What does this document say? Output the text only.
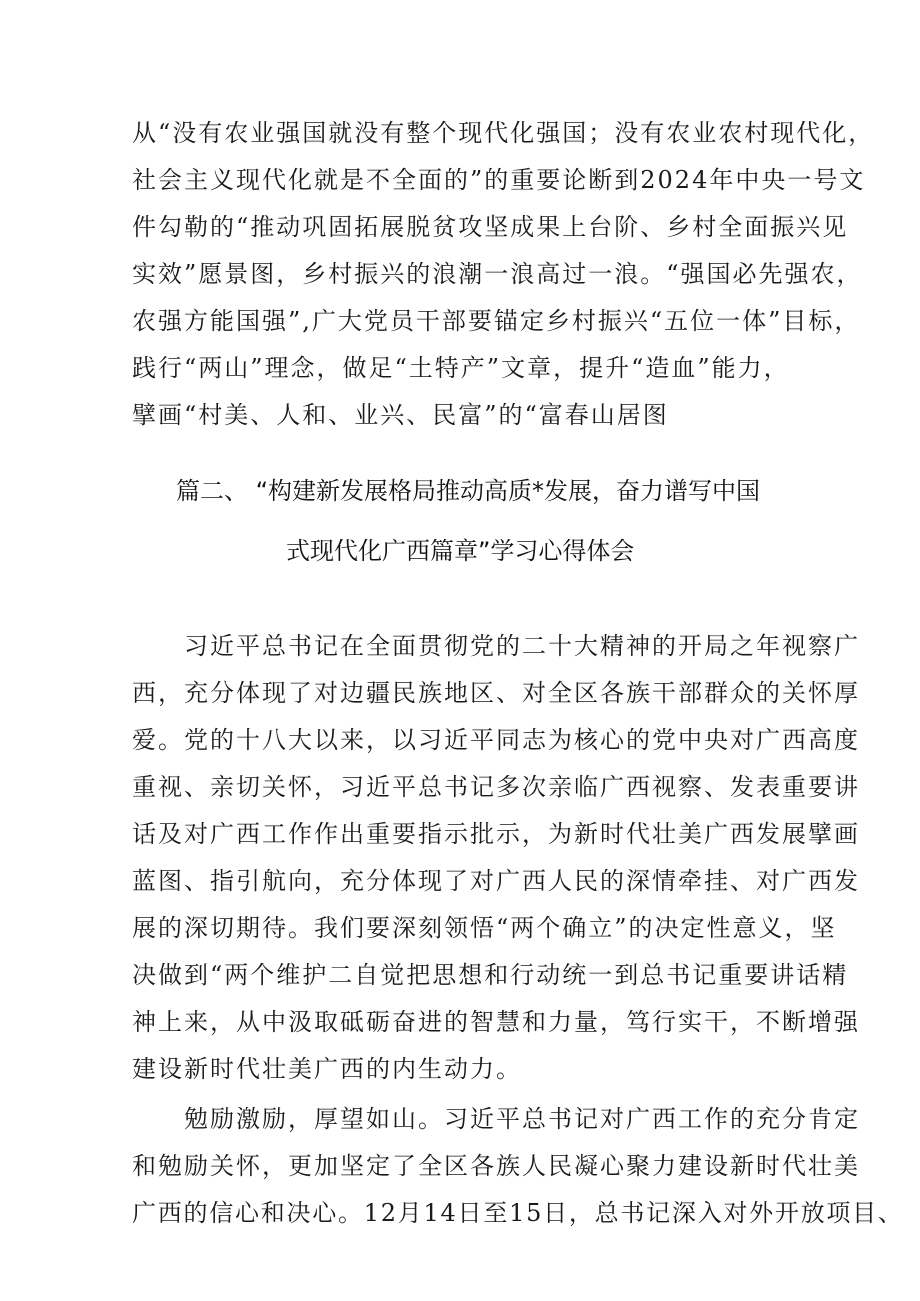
从“没有农业强国就没有整个现代化强国；没有农业农村现代化，
社会主义现代化就是不全面的”的重要论断到2024年中央一号文
件勾勒的“推动巩固拓展脱贫攻坚成果上台阶、乡村全面振兴见
实效”愿景图，乡村振兴的浪潮一浪高过一浪。“强国必先强农，
农强方能国强”,广大党员干部要锚定乡村振兴“五位一体”目标，
践行“两山”理念，做足“土特产”文章，提升“造血”能力，
擘画“村美、人和、业兴、民富”的“富春山居图
篇二、 “构建新发展格局推动高质*发展，奋力谱写中国
式现代化广西篇章”学习心得体会
习近平总书记在全面贯彻党的二十大精神的开局之年视察广
西，充分体现了对边疆民族地区、对全区各族干部群众的关怀厚
爱。党的十八大以来，以习近平同志为核心的党中央对广西高度
重视、亲切关怀，习近平总书记多次亲临广西视察、发表重要讲
话及对广西工作作出重要指示批示，为新时代壮美广西发展擘画
蓝图、指引航向，充分体现了对广西人民的深情牵挂、对广西发
展的深切期待。我们要深刻领悟“两个确立”的决定性意义，坚
决做到“两个维护二自觉把思想和行动统一到总书记重要讲话精
神上来，从中汲取砥砺奋进的智慧和力量，笃行实干，不断增强
建设新时代壮美广西的内生动力。
勉励激励，厚望如山。习近平总书记对广西工作的充分肯定
和勉励关怀，更加坚定了全区各族人民凝心聚力建设新时代壮美
广西的信心和决心。12月14日至15日，总书记深入对外开放项目、
